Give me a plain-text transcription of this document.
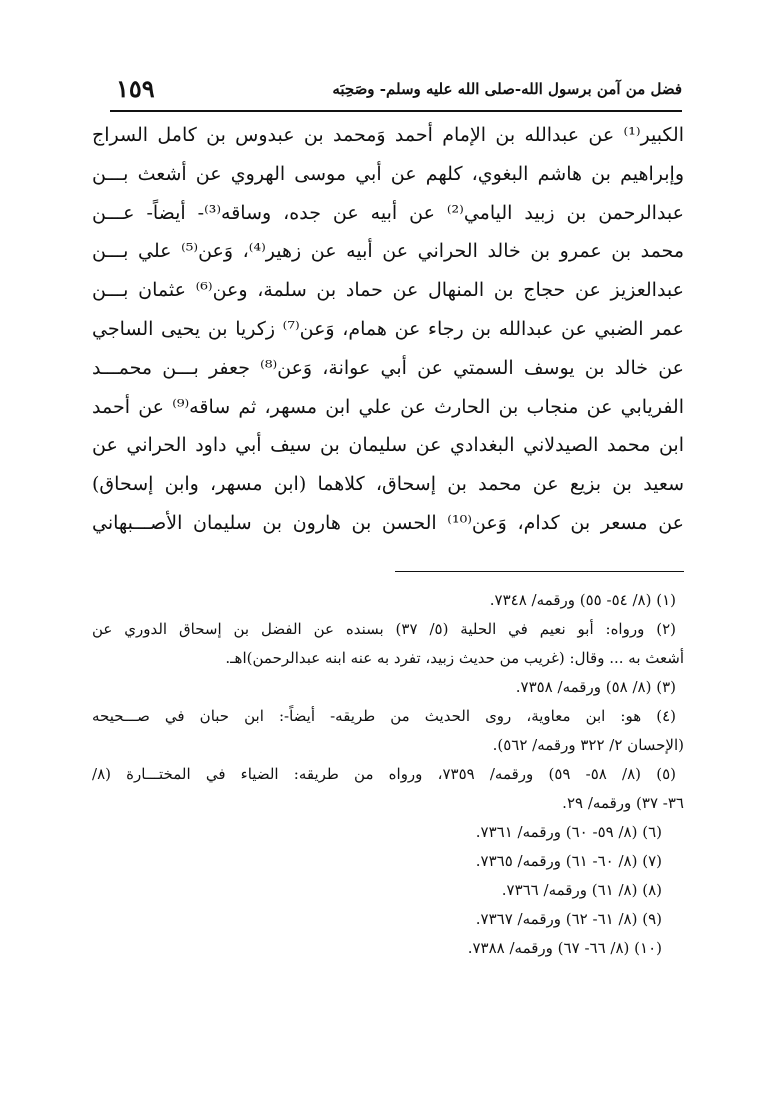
فضل من آمن برسول الله-صلى الله عليه وسلم- وصَحِبَه
١٥٩
الكبير⁽¹⁾ عن عبدالله بن الإمام أحمد وَمحمد بن عبدوس بن كامل السراج
وإبراهيم بن هاشم البغوي، كلهم عن أبي موسى الهروي عن أشعث بـــن
عبدالرحمن بن زبيد اليامي⁽²⁾ عن أبيه عن جده، وساقه⁽³⁾- أيضاً- عـــن
محمد بن عمرو بن خالد الحراني عن أبيه عن زهير⁽⁴⁾، وَعن⁽⁵⁾ علي بـــن
عبدالعزيز عن حجاج بن المنهال عن حماد بن سلمة، وعن⁽⁶⁾ عثمان بـــن
عمر الضبي عن عبدالله بن رجاء عن همام، وَعن⁽⁷⁾ زكريا بن يحيى الساجي
عن خالد بن يوسف السمتي عن أبي عوانة، وَعن⁽⁸⁾ جعفر بـــن محمـــد
الفريابي عن منجاب بن الحارث عن علي ابن مسهر، ثم ساقه⁽⁹⁾ عن أحمد
ابن محمد الصيدلاني البغدادي عن سليمان بن سيف أبي داود الحراني عن
سعيد بن بزيع عن محمد بن إسحاق، كلاهما (ابن مسهر، وابن إسحاق)
عن مسعر بن كدام، وَعن⁽¹⁰⁾ الحسن بن هارون بن سليمان الأصـــبهاني
(١) (٨/ ٥٤- ٥٥) ورقمه/ ٧٣٤٨.
(٢) ورواه: أبو نعيم في الحلية (٥/ ٣٧) بسنده عن الفضل بن إسحاق الدوري عن
أشعث به ... وقال: (غريب من حديث زبيد، تفرد به عنه ابنه عبدالرحمن)اهـ.
(٣) (٨/ ٥٨) ورقمه/ ٧٣٥٨.
(٤) هو: ابن معاوية، روى الحديث من طريقه- أيضاً-: ابن حبان في صـــحيحه
(الإحسان ٢/ ٣٢٢ ورقمه/ ٥٦٢).
(٥) (٨/ ٥٨- ٥٩) ورقمه/ ٧٣٥٩، ورواه من طريقه: الضياء في المختـــارة (٨/
٣٦- ٣٧) ورقمه/ ٢٩.
(٦) (٨/ ٥٩- ٦٠) ورقمه/ ٧٣٦١.
(٧) (٨/ ٦٠- ٦١) ورقمه/ ٧٣٦٥.
(٨) (٨/ ٦١) ورقمه/ ٧٣٦٦.
(٩) (٨/ ٦١- ٦٢) ورقمه/ ٧٣٦٧.
(١٠) (٨/ ٦٦- ٦٧) ورقمه/ ٧٣٨٨.
